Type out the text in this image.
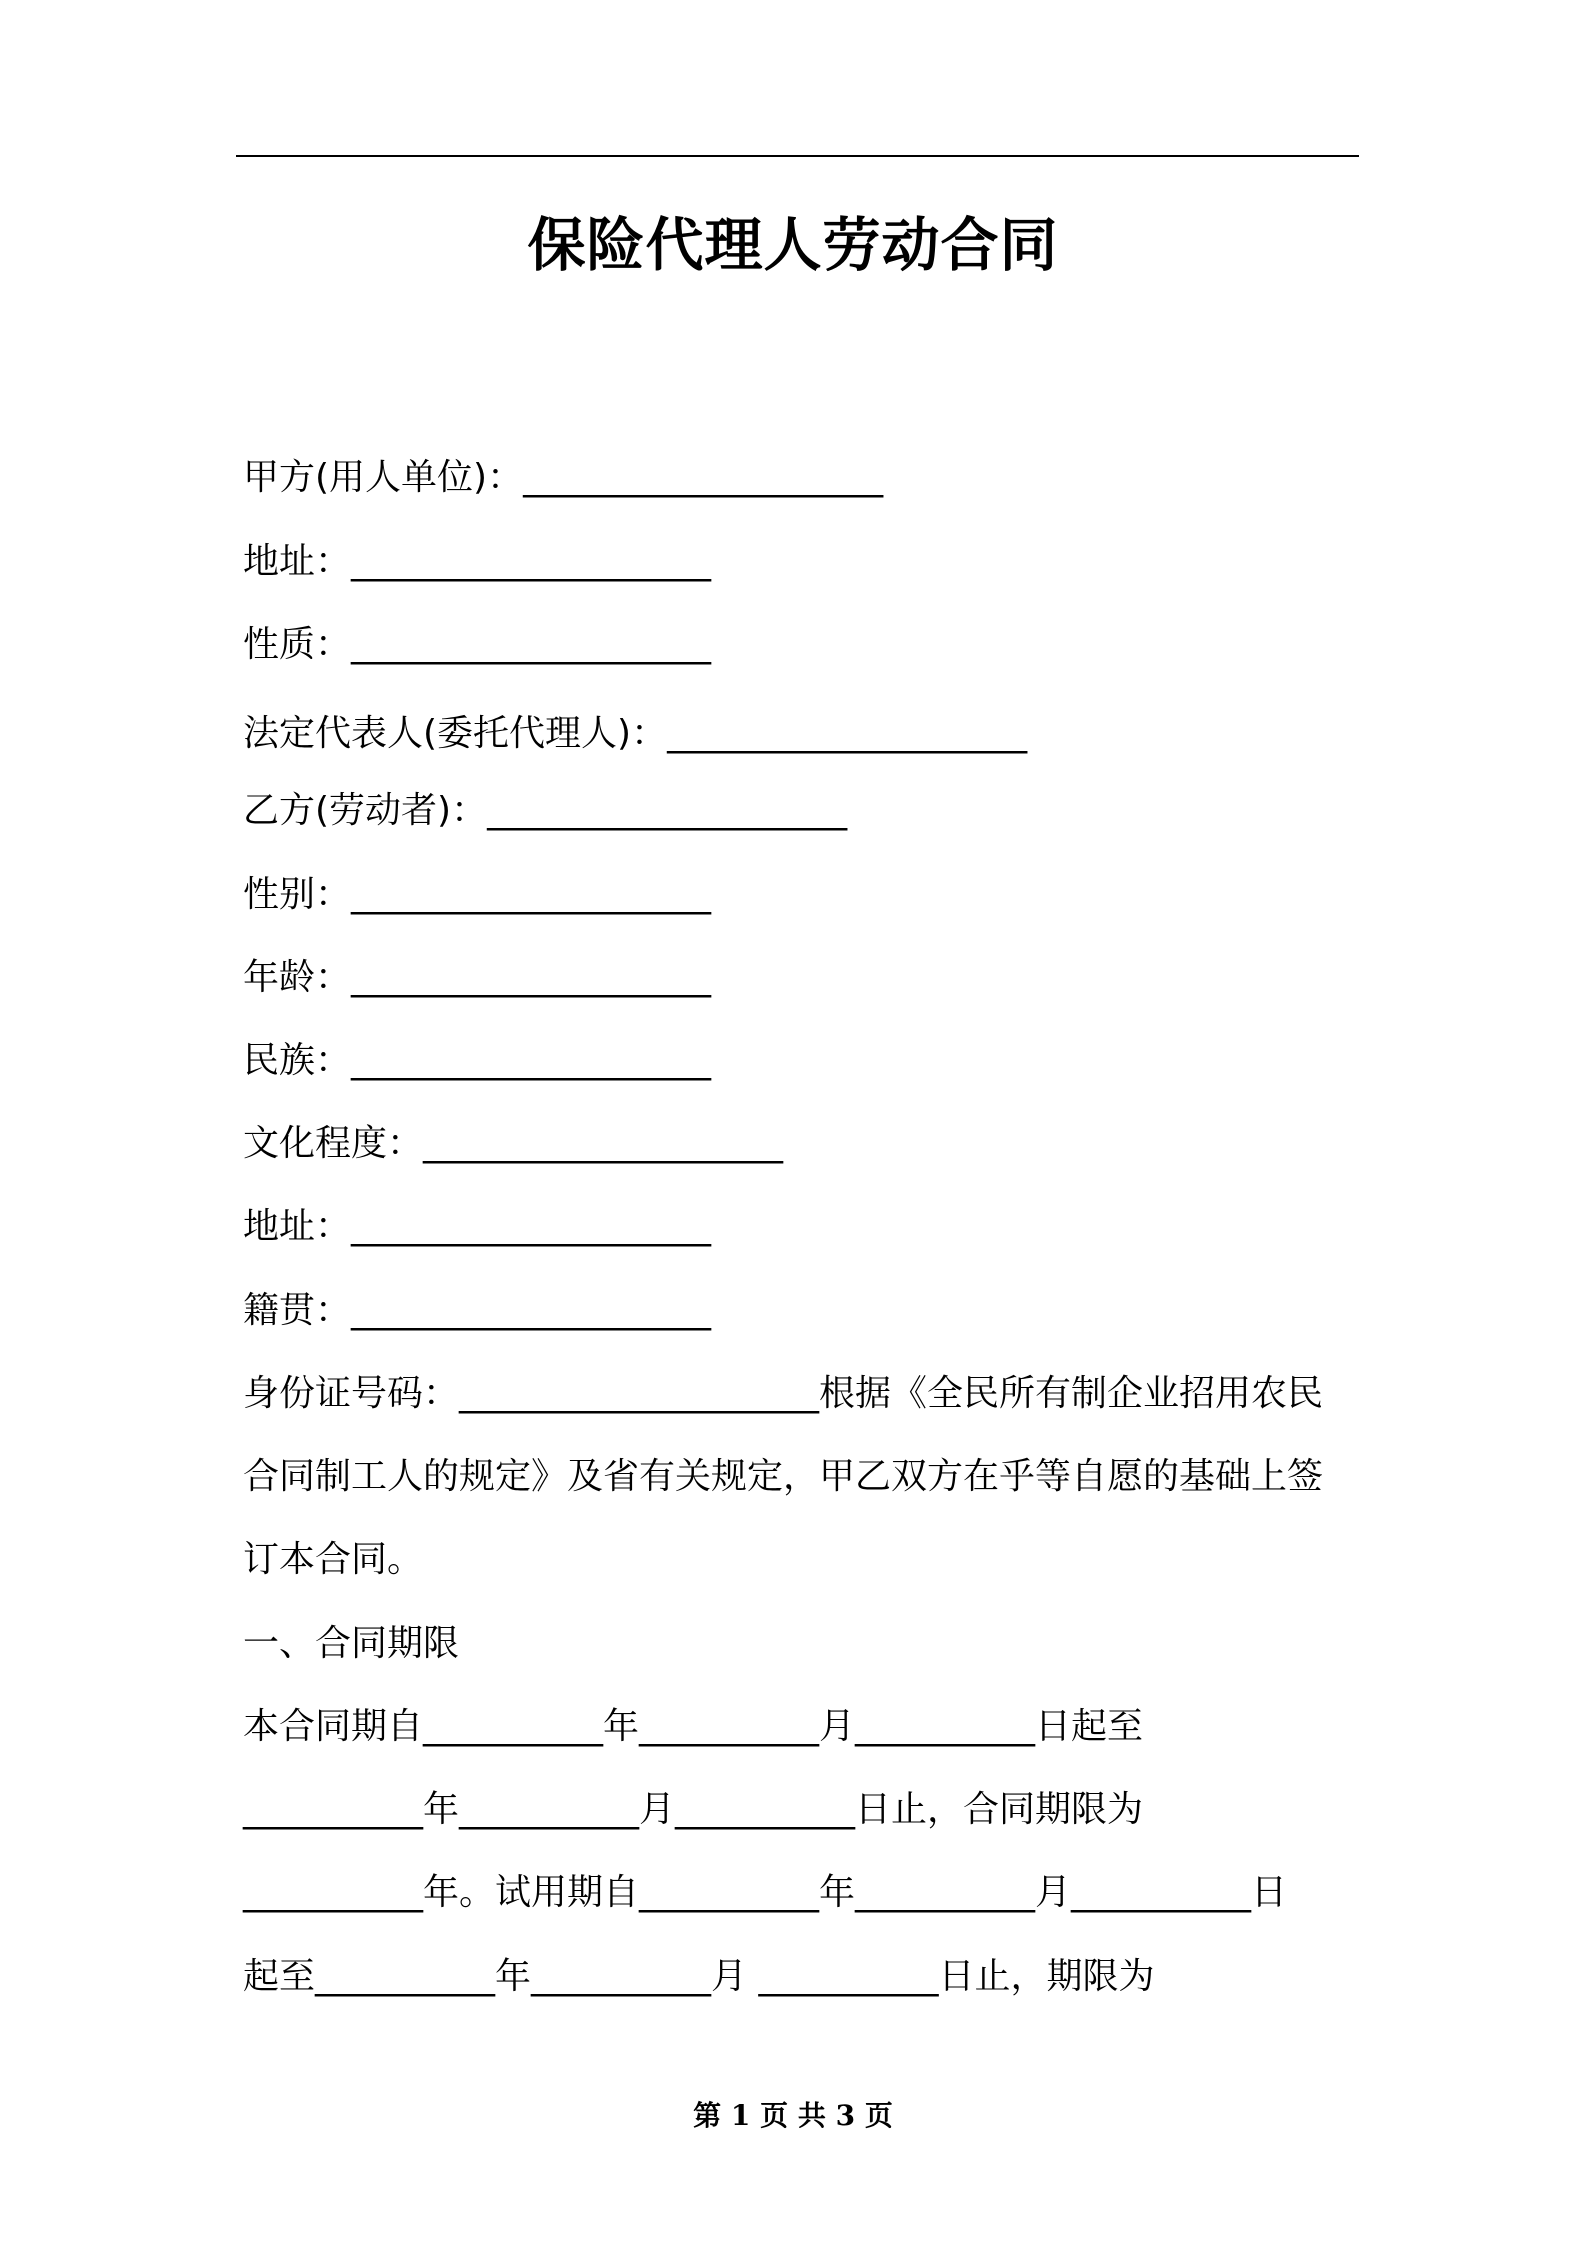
保险代理人劳动合同
甲方(用人单位)：____________________
地址：____________________
性质：____________________
法定代表人(委托代理人)：____________________
乙方(劳动者)：____________________
性别：____________________
年龄：____________________
民族：____________________
文化程度：____________________
地址：____________________
籍贯：____________________
身份证号码：____________________根据《全民所有制企业招用农民
合同制工人的规定》及省有关规定，甲乙双方在乎等自愿的基础上签
订本合同。
一、合同期限
本合同期自__________年__________月__________日起至
__________年__________月__________日止，合同期限为
__________年。试用期自__________年__________月__________日
起至__________年__________月 __________日止，期限为
第 1 页 共 3 页
